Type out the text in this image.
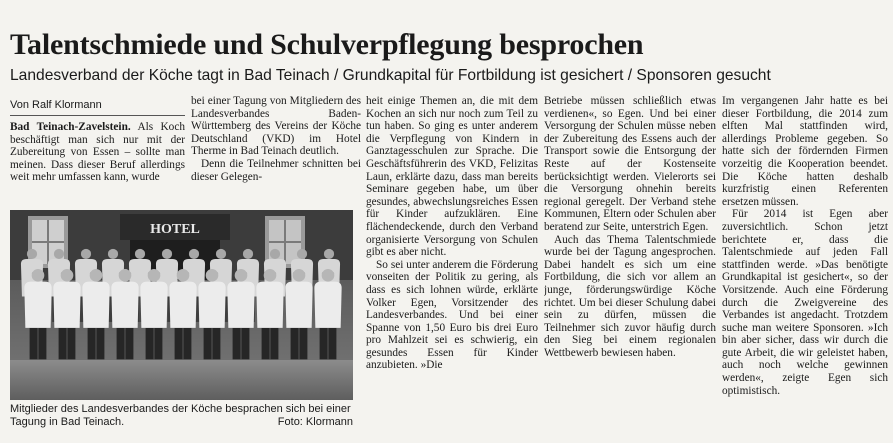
Talentschmiede und Schulverpflegung besprochen
Landesverband der Köche tagt in Bad Teinach / Grundkapital für Fortbildung ist gesichert / Sponsoren gesucht
Von Ralf Klormann

Bad Teinach-Zavelstein. Als Koch beschäftigt man sich nur mit der Zubereitung von Essen – sollte man meinen. Dass dieser Beruf allerdings weit mehr umfassen kann, wurde

bei einer Tagung von Mitgliedern des Landesverbandes Baden-Württemberg des Vereins der Köche Deutschland (VKD) im Hotel Therme in Bad Teinach deutlich.

Denn die Teilnehmer schnitten bei dieser Gelegen-

HOTEL
Mitglieder des Landesverbandes der Köche besprachen sich bei einer Tagung in Bad Teinach.	Foto: Klormann

heit einige Themen an, die mit dem Kochen an sich nur noch zum Teil zu tun haben. So ging es unter anderem die Verpflegung von Kindern in Ganztagesschulen zur Sprache. Die Geschäftsführerin des VKD, Felizitas Laun, erklärte dazu, dass man bereits Seminare gegeben habe, um über gesundes, abwechslungsreiches Essen für Kinder aufzuklären. Eine flächendeckende, durch den Verband organisierte Versorgung von Schulen gibt es aber nicht.

So sei unter anderem die Förderung vonseiten der Politik zu gering, als dass es sich lohnen würde, erklärte Volker Egen, Vorsitzender des Landesverbandes. Und bei einer Spanne von 1,50 Euro bis drei Euro pro Mahlzeit sei es schwierig, ein gesundes Essen für Kinder anzubieten. »Die

Betriebe müssen schließlich etwas verdienen«, so Egen. Und bei einer Versorgung der Schulen müsse neben der Zubereitung des Essens auch der Transport sowie die Entsorgung der Reste auf der Kostenseite berücksichtigt werden. Vielerorts sei die Versorgung ohnehin bereits regional geregelt. Der Verband stehe Kommunen, Eltern oder Schulen aber beratend zur Seite, unterstrich Egen.

Auch das Thema Talentschmiede wurde bei der Tagung angesprochen. Dabei handelt es sich um eine Fortbildung, die sich vor allem an junge, förderungswürdige Köche richtet. Um bei dieser Schulung dabei sein zu dürfen, müssen die Teilnehmer sich zuvor häufig durch den Sieg bei einem regionalen Wettbewerb bewiesen haben.

Im vergangenen Jahr hatte es bei dieser Fortbildung, die 2014 zum elften Mal stattfinden wird, allerdings Probleme gegeben. So hatte sich der fördernden Firmen vorzeitig die Kooperation beendet. Die Köche hatten deshalb kurzfristig einen Referenten ersetzen müssen.

Für 2014 ist Egen aber zuversichtlich. Schon jetzt berichtete er, dass die Talentschmiede auf jeden Fall stattfinden werde. »Das benötigte Grundkapital ist gesichert«, so der Vorsitzende. Auch eine Förderung durch die Zweigvereine des Verbandes ist angedacht. Trotzdem suche man weitere Sponsoren. »Ich bin aber sicher, dass wir durch die gute Arbeit, die wir geleistet haben, auch noch welche gewinnen werden«, zeigte Egen sich optimistisch.
